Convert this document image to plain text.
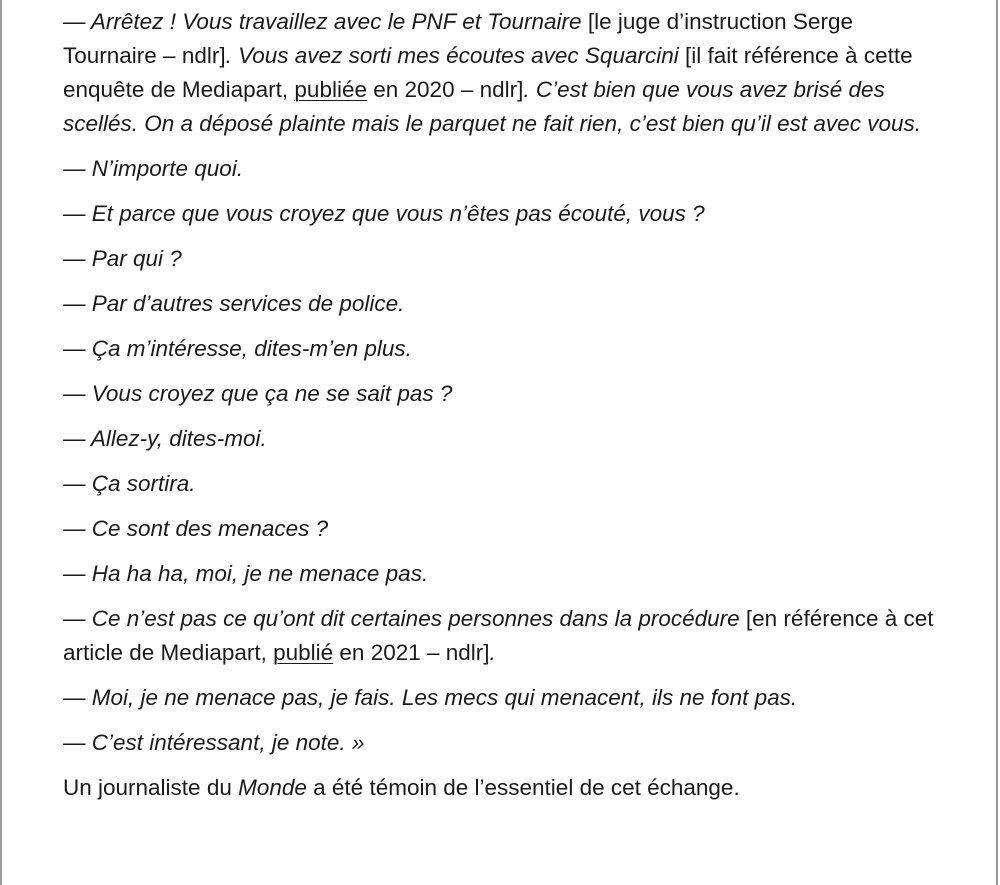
— Arrêtez ! Vous travaillez avec le PNF et Tournaire [le juge d’instruction Serge Tournaire – ndlr]. Vous avez sorti mes écoutes avec Squarcini [il fait référence à cette enquête de Mediapart, publiée en 2020 – ndlr]. C’est bien que vous avez brisé des scellés. On a déposé plainte mais le parquet ne fait rien, c’est bien qu’il est avec vous.

— N’importe quoi.

— Et parce que vous croyez que vous n’êtes pas écouté, vous ?

— Par qui ?

— Par d’autres services de police.

— Ça m’intéresse, dites-m’en plus.

— Vous croyez que ça ne se sait pas ?

— Allez-y, dites-moi.

— Ça sortira.

— Ce sont des menaces ?

— Ha ha ha, moi, je ne menace pas.

— Ce n’est pas ce qu’ont dit certaines personnes dans la procédure [en référence à cet article de Mediapart, publié en 2021 – ndlr].

— Moi, je ne menace pas, je fais. Les mecs qui menacent, ils ne font pas.

— C’est intéressant, je note. »

Un journaliste du Monde a été témoin de l’essentiel de cet échange.
